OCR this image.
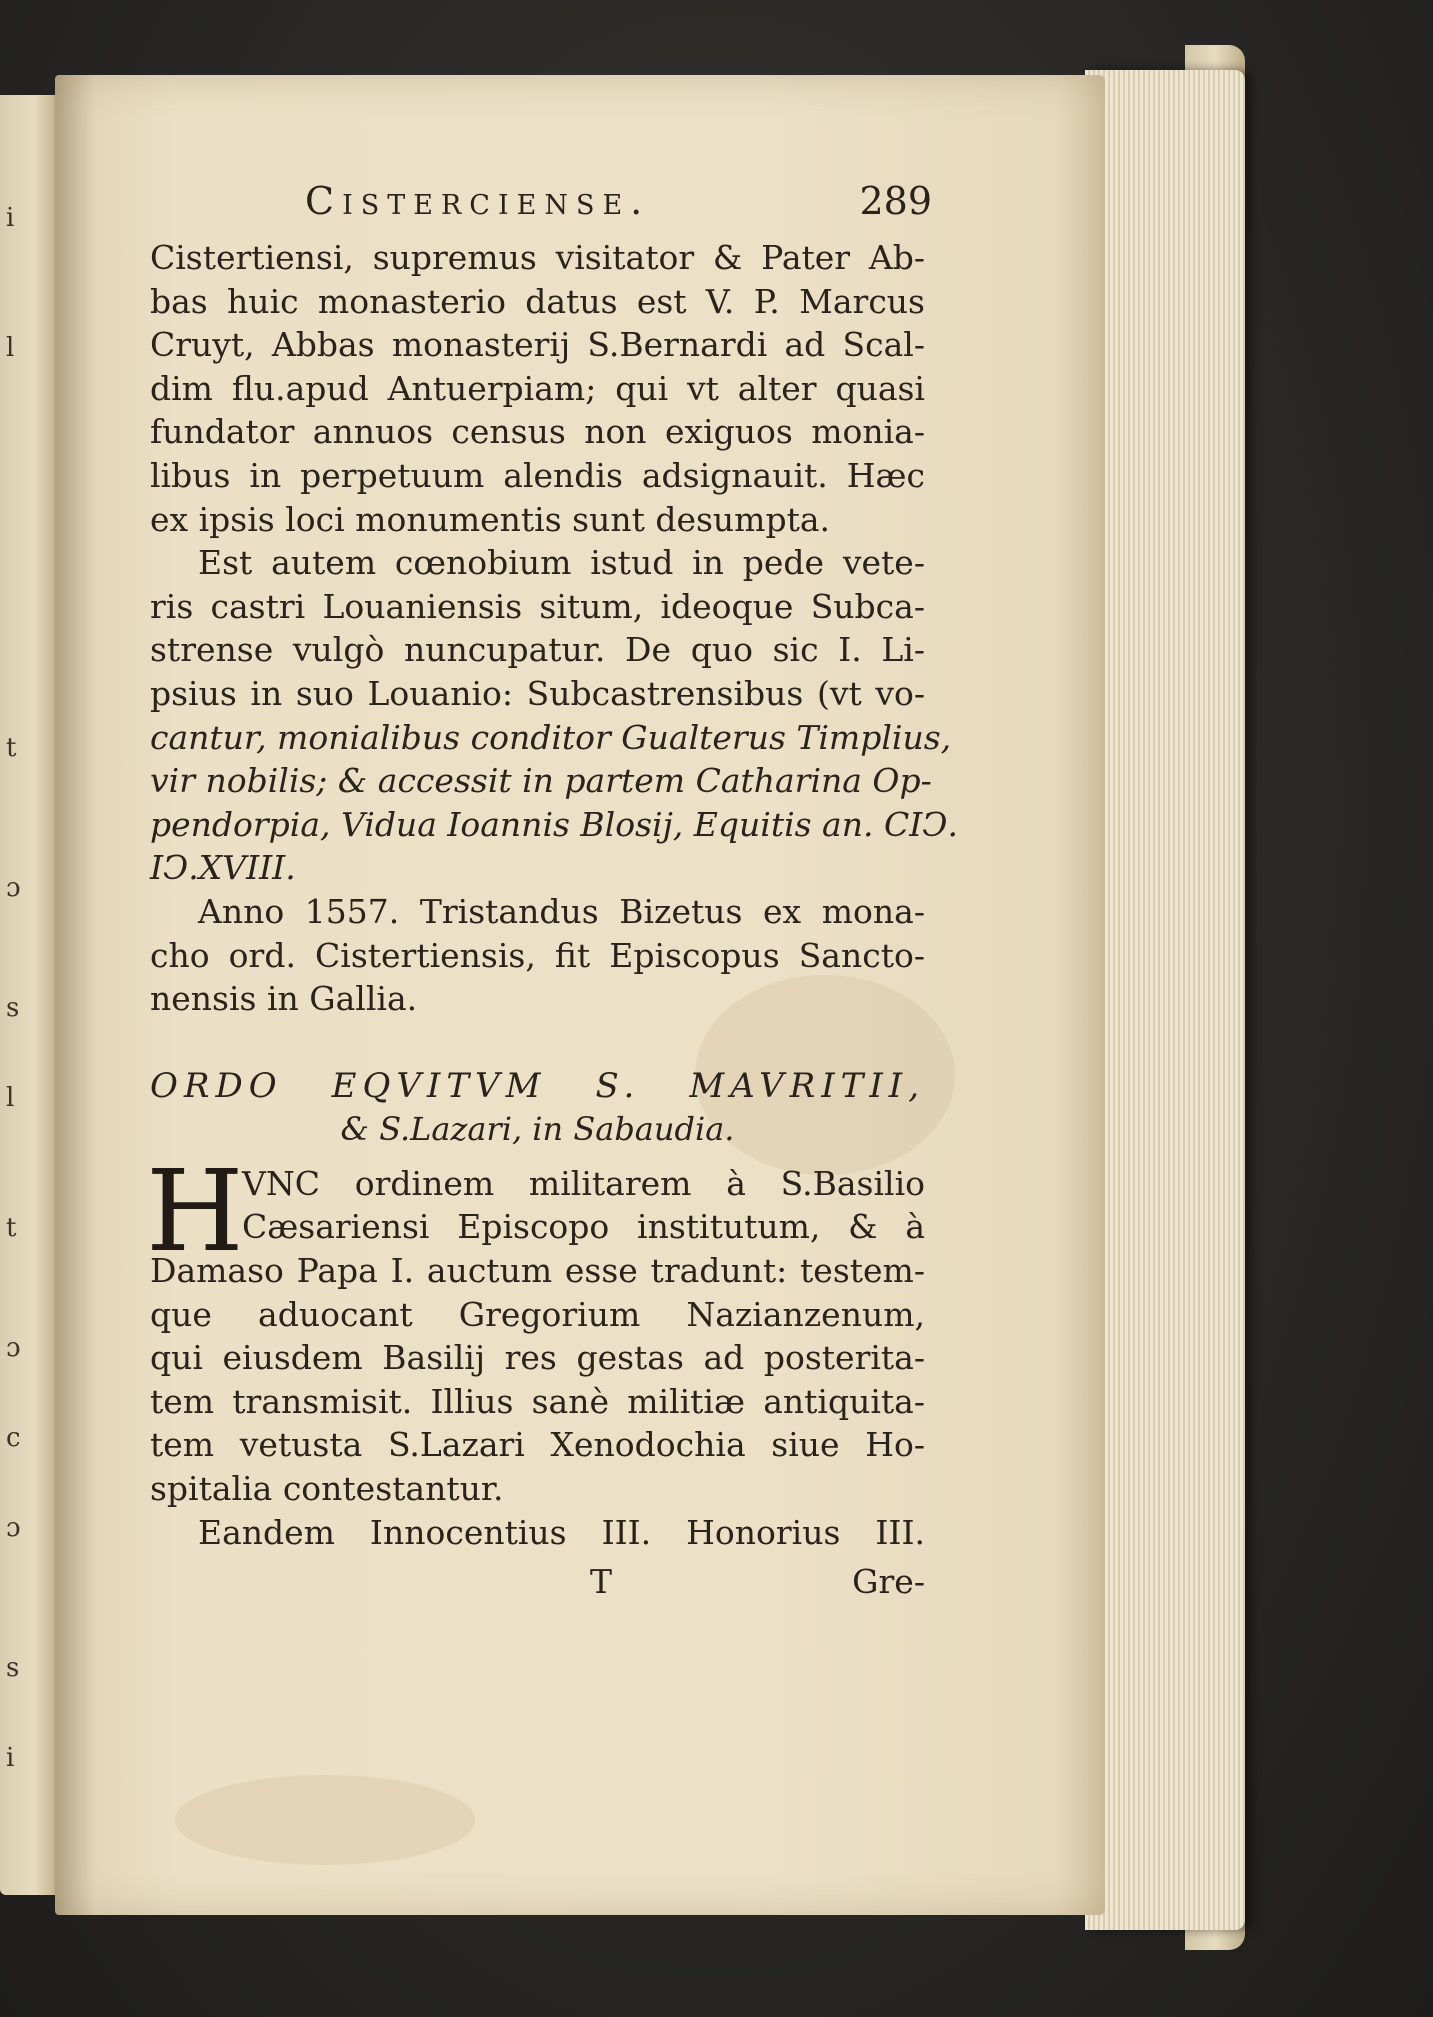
i
l
t
ɔ
s
l
t
ɔ
c
ɔ
s
i
Cisterciense.	289
Cistertiensi, supremus visitator & Pater Ab-
bas huic monasterio datus est V. P. Marcus
Cruyt, Abbas monasterij S.Bernardi ad Scal-
dim flu.apud Antuerpiam; qui vt alter quasi
fundator annuos census non exiguos monia-
libus in perpetuum alendis adsignauit. Hæc
ex ipsis loci monumentis sunt desumpta.
Est autem cœnobium istud in pede vete-
ris castri Louaniensis situm, ideoque Subca-
strense vulgò nuncupatur. De quo sic I. Li-
psius in suo Louanio: Subcastrensibus (vt vo-
cantur, monialibus conditor Gualterus Timplius,
vir nobilis; & accessit in partem Catharina Op-
pendorpia, Vidua Ioannis Blosij, Equitis an. CIↃ.
IↃ.XVIII.
Anno 1557. Tristandus Bizetus ex mona-
cho ord. Cistertiensis, fit Episcopus Sancto-
nensis in Gallia.
ORDO EQVITVM S. MAVRITII,
& S.Lazari, in Sabaudia.
H
VNC ordinem militarem à S.Basilio
Cæsariensi Episcopo institutum, & à
Damaso Papa I. auctum esse tradunt: testem-
que aduocant Gregorium Nazianzenum,
qui eiusdem Basilij res gestas ad posterita-
tem transmisit. Illius sanè militiæ antiquita-
tem vetusta S.Lazari Xenodochia siue Ho-
spitalia contestantur.
Eandem Innocentius III. Honorius III.
T	Gre-
